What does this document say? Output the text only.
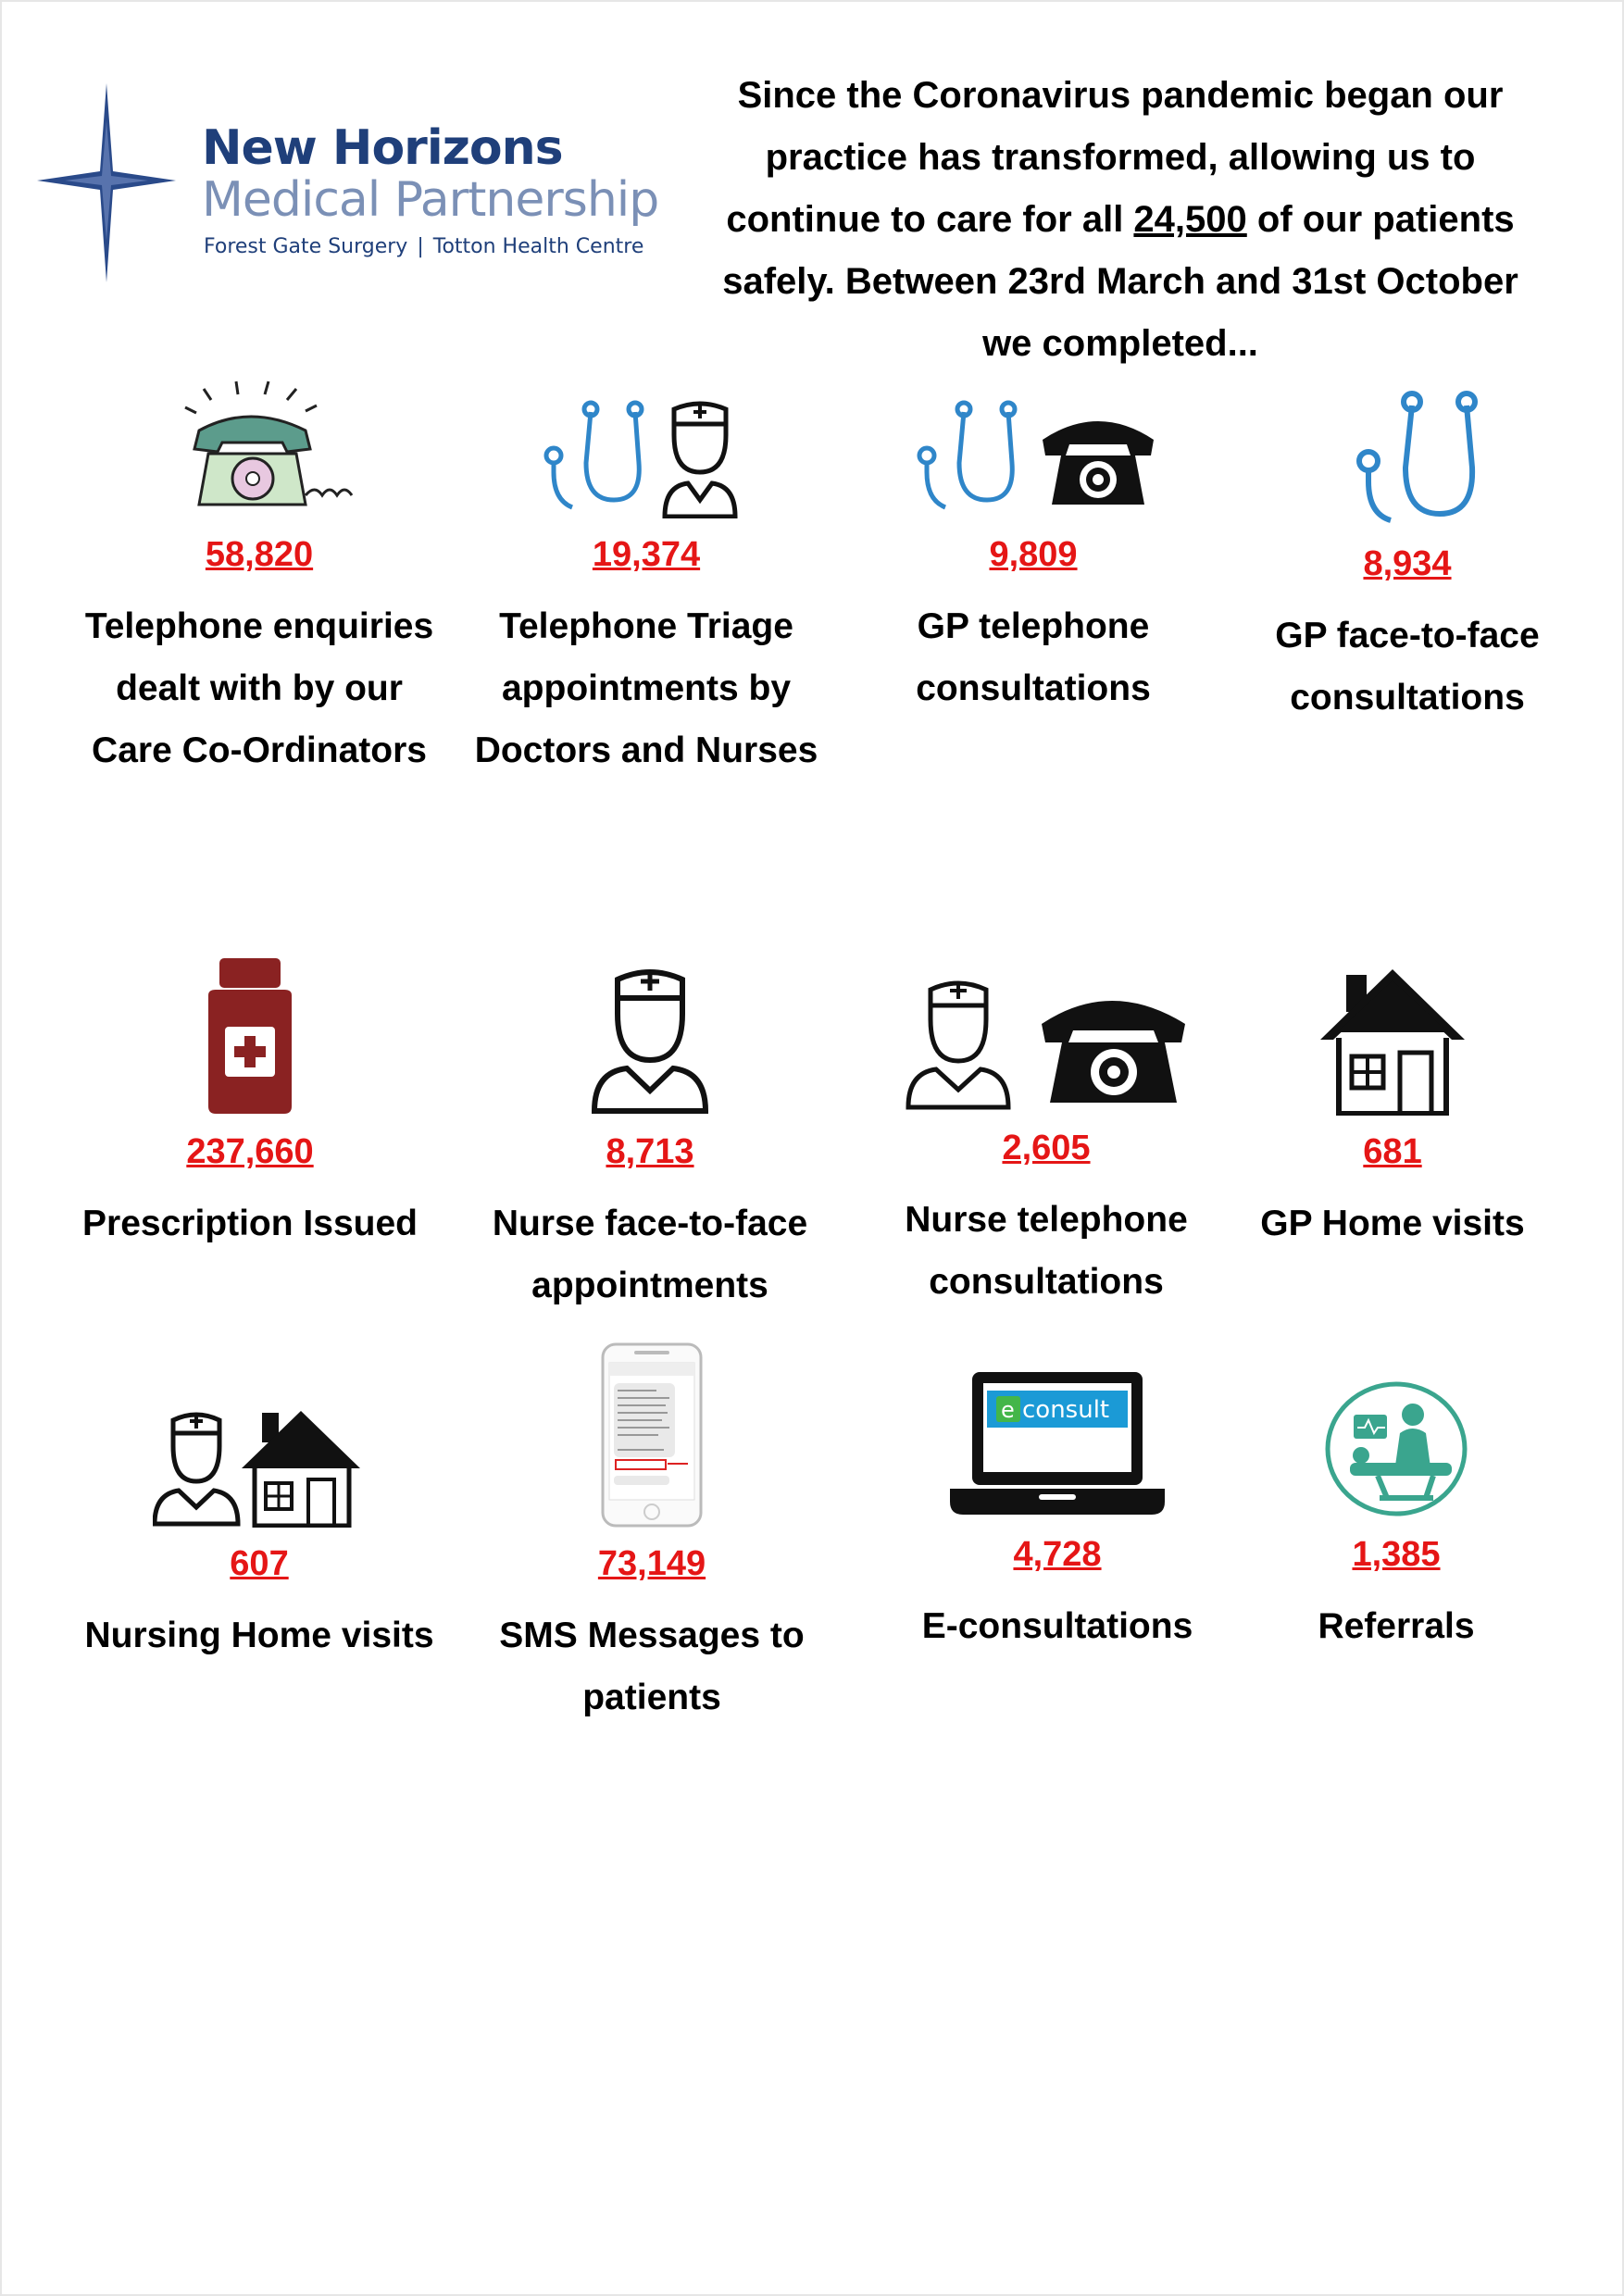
New Horizons
Medical Partnership
Forest Gate Surgery | Totton Health Centre
Since the Coronavirus pandemic began our practice has transformed, allowing us to continue to care for all 24,500 of our patients safely. Between 23rd March and 31st October we completed...
58,820
Telephone enquiries dealt with by our Care Co-Ordinators
19,374
Telephone Triage appointments by Doctors and Nurses
9,809
GP telephone consultations
8,934
GP face-to-face consultations
237,660
Prescription Issued
8,713
Nurse face-to-face appointments
2,605
Nurse telephone consultations
681
GP Home visits
607
Nursing Home visits
73,149
SMS Messages to patients
e consult
4,728
E-consultations
1,385
Referrals
